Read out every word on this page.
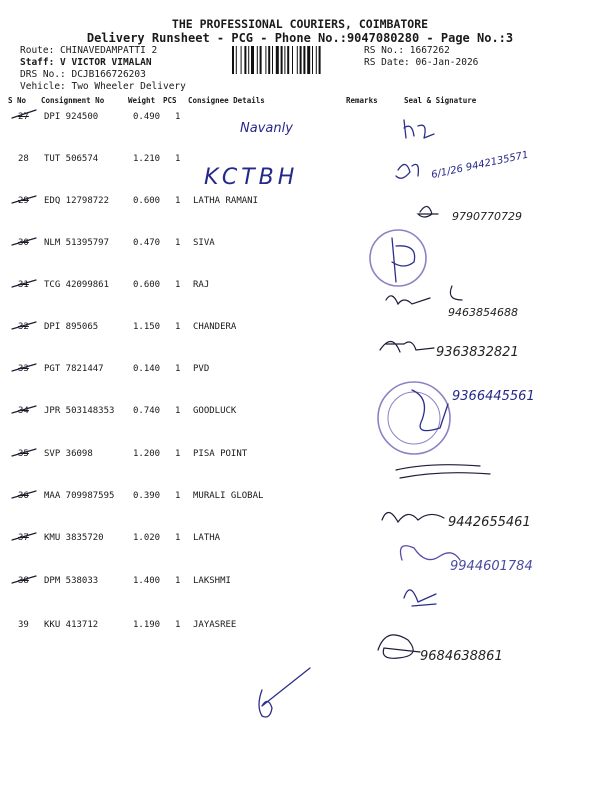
THE PROFESSIONAL COURIERS, COIMBATORE
Delivery Runsheet - PCG - Phone No.:9047080280 - Page No.:3
Route: CHINAVEDAMPATTI 2
Staff: V VICTOR VIMALAN
DRS No.: DCJB166726203
Vehicle: Two Wheeler Delivery
RS No.: 1667262
RS Date: 06-Jan-2026
S No Consignment No	Weight PCS Consignee Details	Remarks	Seal & Signature
27 DPI 924500	0.490 1
28 TUT 506574	1.210 1
29 EDQ 12798722	0.600 1 LATHA RAMANI
30 NLM 51395797	0.470 1 SIVA
31 TCG 42099861	0.600 1 RAJ
32 DPI 895065	1.150 1 CHANDERA
33 PGT 7821447	0.140 1 PVD
34 JPR 503148353 0.740 1 GOODLUCK
35 SVP 36098	1.200 1 PISA POINT
36 MAA 709987595 0.390 1 MURALI GLOBAL
37 KMU 3835720	1.020 1 LATHA
38 DPM 538033	1.400 1 LAKSHMI
39 KKU 413712	1.190 1 JAYASREE
Navanly
KCTBH	6/1/26 9442135571
9790770729
9463854688
9363832821
9366445561
9442655461
9944601784
9684638861
